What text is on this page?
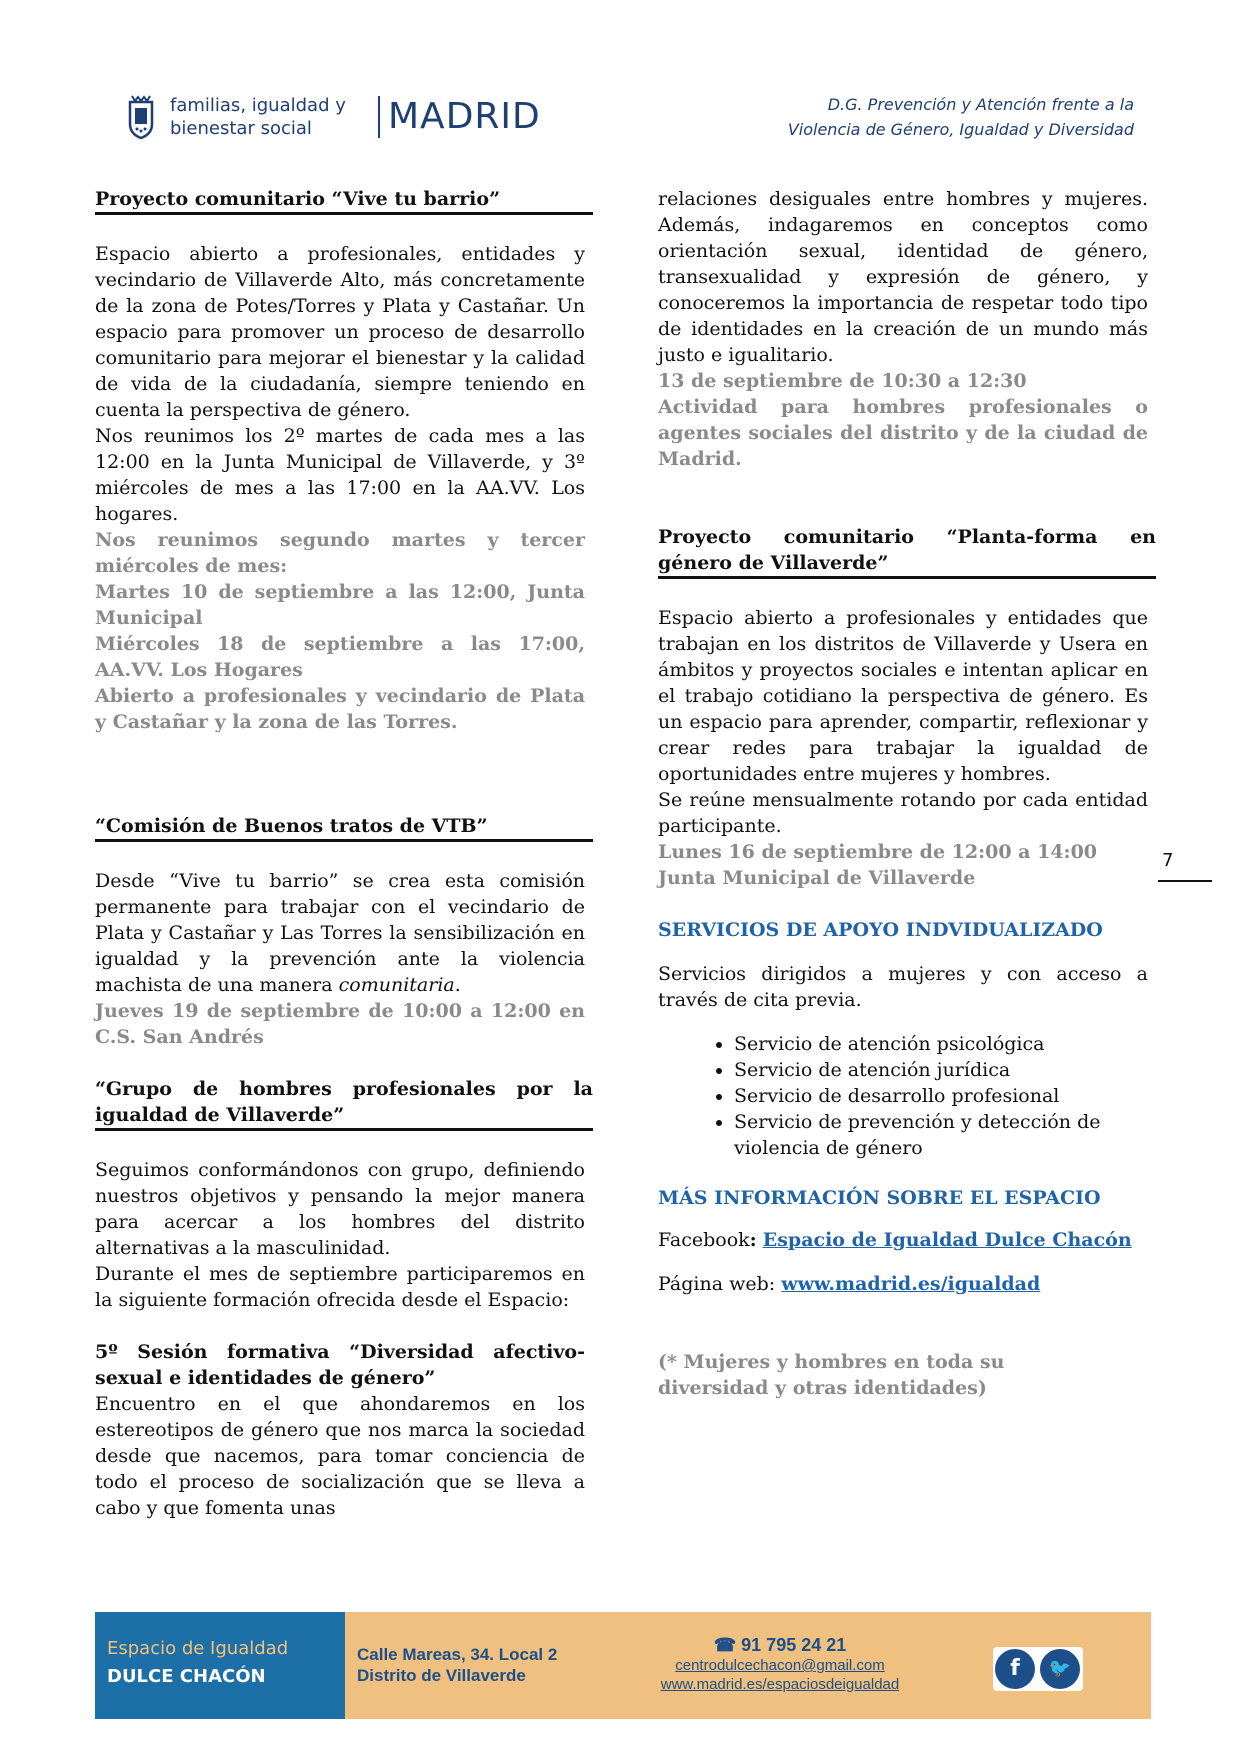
familias, igualdad y
bienestar social	MADRID	D.G. Prevención y Atención frente a la
Violencia de Género, Igualdad y Diversidad

Proyecto comunitario “Vive tu barrio”

Espacio abierto a profesionales, entidades y vecindario de Villaverde Alto, más concretamente de la zona de Potes/Torres y Plata y Castañar. Un espacio para promover un proceso de desarrollo comunitario para mejorar el bienestar y la calidad de vida de la ciudadanía, siempre teniendo en cuenta la perspectiva de género.

Nos reunimos los 2º martes de cada mes a las 12:00 en la Junta Municipal de Villaverde, y 3º miércoles de mes a las 17:00 en la AA.VV. Los hogares.

Nos reunimos segundo martes y tercer miércoles de mes:

Martes 10 de septiembre a las 12:00, Junta Municipal

Miércoles 18 de septiembre a las 17:00, AA.VV. Los Hogares

Abierto a profesionales y vecindario de Plata y Castañar y la zona de las Torres.

“Comisión de Buenos tratos de VTB”

Desde “Vive tu barrio” se crea esta comisión permanente para trabajar con el vecindario de Plata y Castañar y Las Torres la sensibilización en igualdad y la prevención ante la violencia machista de una manera comunitaria.

Jueves 19 de septiembre de 10:00 a 12:00 en C.S. San Andrés

“Grupo de hombres profesionales por la igualdad de Villaverde”

Seguimos conformándonos con grupo, definiendo nuestros objetivos y pensando la mejor manera para acercar a los hombres del distrito alternativas a la masculinidad.

Durante el mes de septiembre participaremos en la siguiente formación ofrecida desde el Espacio:

5º Sesión formativa “Diversidad afectivo-sexual e identidades de género”

Encuentro en el que ahondaremos en los estereotipos de género que nos marca la sociedad desde que nacemos, para tomar conciencia de todo el proceso de socialización que se lleva a cabo y que fomenta unas

relaciones desiguales entre hombres y mujeres. Además, indagaremos en conceptos como orientación sexual, identidad de género, transexualidad y expresión de género, y conoceremos la importancia de respetar todo tipo de identidades en la creación de un mundo más justo e igualitario.

13 de septiembre de 10:30 a 12:30

Actividad para hombres profesionales o agentes sociales del distrito y de la ciudad de Madrid.

Proyecto comunitario “Planta-forma en género de Villaverde”

Espacio abierto a profesionales y entidades que trabajan en los distritos de Villaverde y Usera en ámbitos y proyectos sociales e intentan aplicar en el trabajo cotidiano la perspectiva de género. Es un espacio para aprender, compartir, reflexionar y crear redes para trabajar la igualdad de oportunidades entre mujeres y hombres.

Se reúne mensualmente rotando por cada entidad participante.

Lunes 16 de septiembre de 12:00 a 14:00

Junta Municipal de Villaverde

SERVICIOS DE APOYO INDVIDUALIZADO

Servicios dirigidos a mujeres y con acceso a través de cita previa.

• Servicio de atención psicológica
• Servicio de atención jurídica
• Servicio de desarrollo profesional
• Servicio de prevención y detección de violencia de género

MÁS INFORMACIÓN SOBRE EL ESPACIO

Facebook: Espacio de Igualdad Dulce Chacón

Página web: www.madrid.es/igualdad

(* Mujeres y hombres en toda su diversidad y otras identidades)

7
Espacio de Igualdad
DULCE CHACÓN
Calle Mareas, 34. Local 2
Distrito de Villaverde
☎ 91 795 24 21
centrodulcechacon@gmail.com
www.madrid.es/espaciosdeigualdad
f	🐦
